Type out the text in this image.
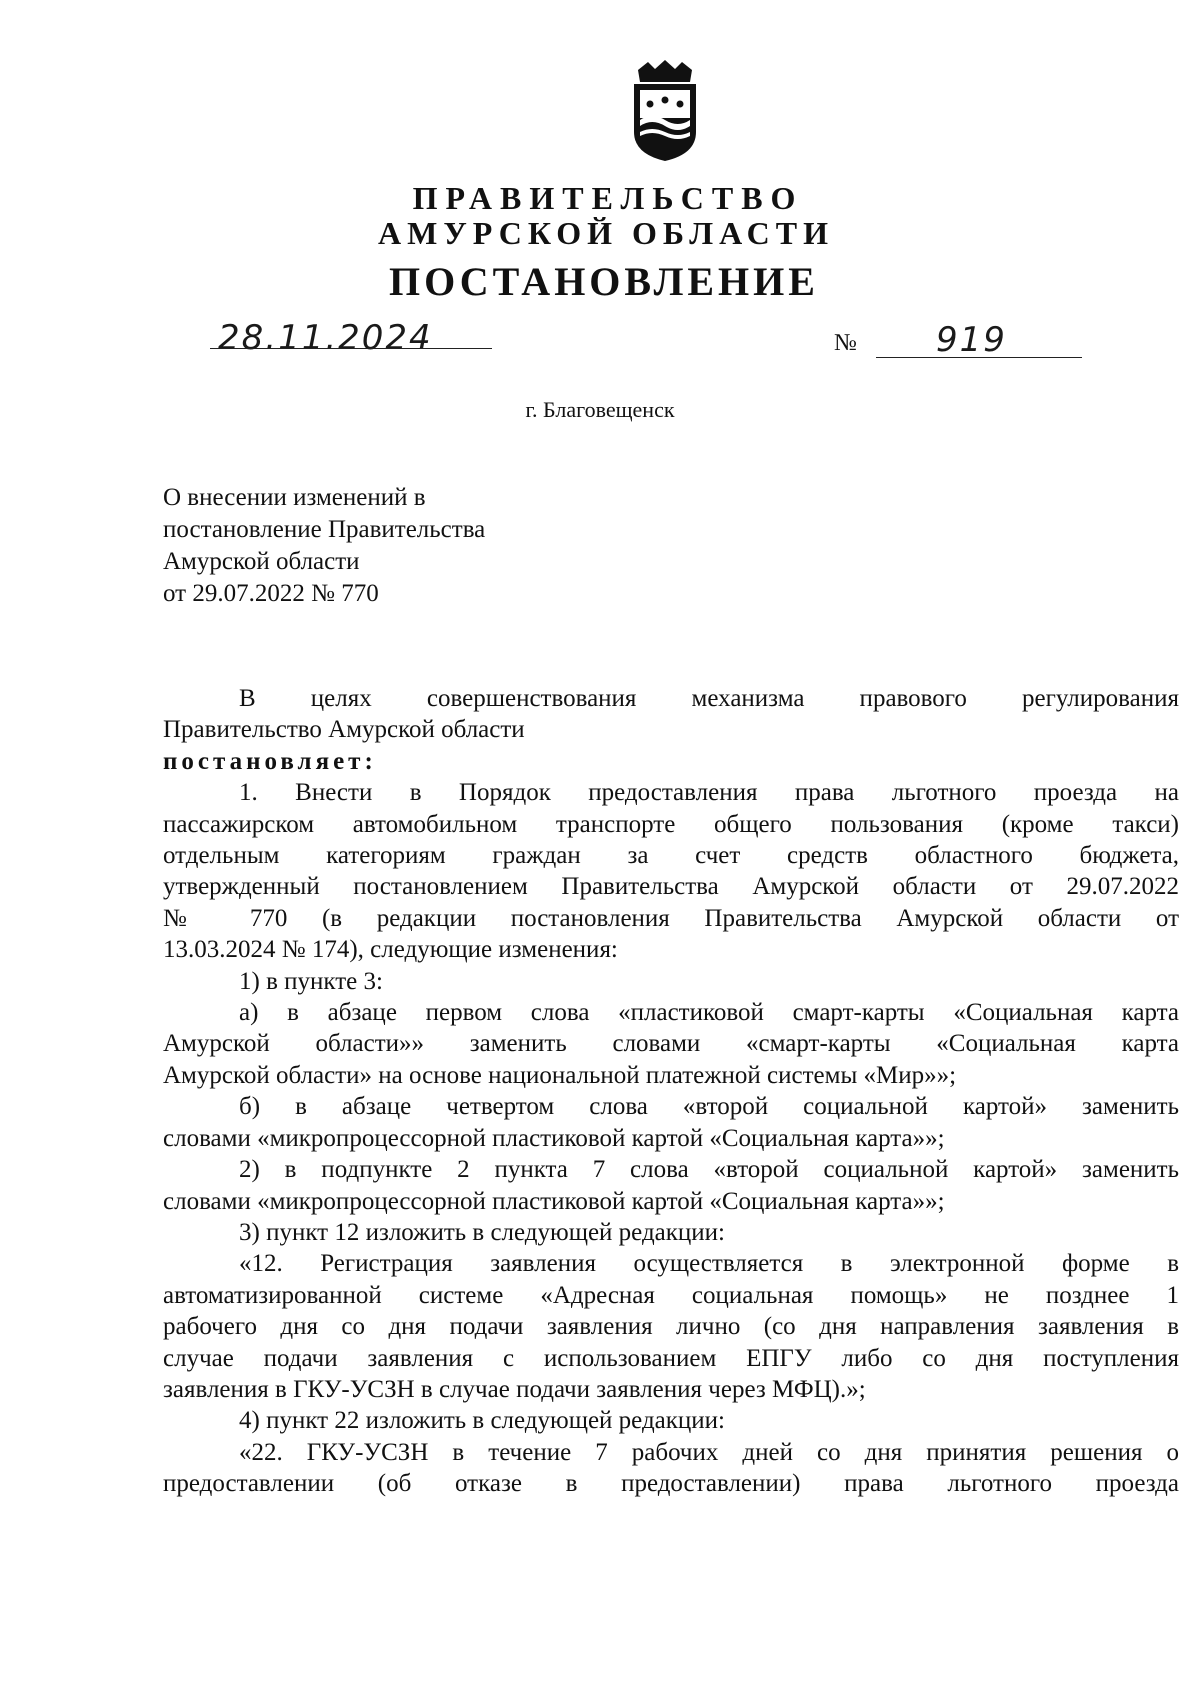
ПРАВИТЕЛЬСТВО
АМУРСКОЙ ОБЛАСТИ
ПОСТАНОВЛЕНИЕ
28.11.2024	№ 919

г. Благовещенск

О внесении изменений в
постановление Правительства
Амурской области
от 29.07.2022 № 770
В целях совершенствования механизма правового регулирования
Правительство Амурской области
постановляет:
1. Внести в Порядок предоставления права льготного проезда на
пассажирском автомобильном транспорте общего пользования (кроме такси)
отдельным категориям граждан за счет средств областного бюджета,
утвержденный постановлением Правительства Амурской области от 29.07.2022
№ 770 (в редакции постановления Правительства Амурской области от
13.03.2024 № 174), следующие изменения:
1) в пункте 3:
а) в абзаце первом слова «пластиковой смарт-карты «Социальная карта
Амурской области»» заменить словами «смарт-карты «Социальная карта
Амурской области» на основе национальной платежной системы «Мир»»;
б) в абзаце четвертом слова «второй социальной картой» заменить
словами «микропроцессорной пластиковой картой «Социальная карта»»;
2) в подпункте 2 пункта 7 слова «второй социальной картой» заменить
словами «микропроцессорной пластиковой картой «Социальная карта»»;
3) пункт 12 изложить в следующей редакции:
«12. Регистрация заявления осуществляется в электронной форме в
автоматизированной системе «Адресная социальная помощь» не позднее 1
рабочего дня со дня подачи заявления лично (со дня направления заявления в
случае подачи заявления с использованием ЕПГУ либо со дня поступления
заявления в ГКУ-УСЗН в случае подачи заявления через МФЦ).»;
4) пункт 22 изложить в следующей редакции:
«22. ГКУ-УСЗН в течение 7 рабочих дней со дня принятия решения о
предоставлении (об отказе в предоставлении) права льготного проезда
